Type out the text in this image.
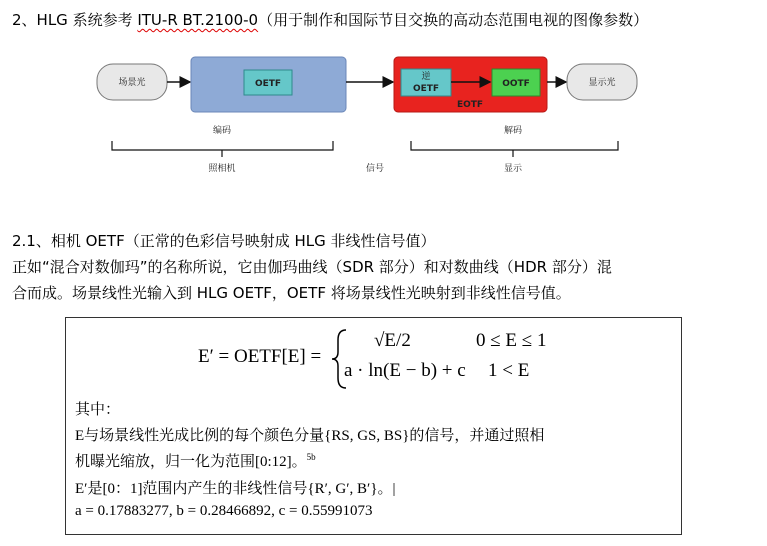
2、HLG 系统参考 ITU-R BT.2100-0（用于制作和国际节目交换的高动态范围电视的图像参数）
场景光	OETF
逆
OETF	OOTF
EOTF
显示光
编码	解码
照相机	信号	显示
2.1、相机 OETF（正常的色彩信号映射成 HLG 非线性信号值）
正如“混合对数伽玛”的名称所说，它由伽玛曲线（SDR 部分）和对数曲线（HDR 部分）混
合而成。场景线性光输入到 HLG OETF，OETF 将场景线性光映射到非线性信号值。
E′ = OETF[E] =
√E/2	0 ≤ E ≤ 1
a · ln(E − b) + c 1 < E
其中：
E与场景线性光成比例的每个颜色分量{RS, GS, BS}的信号，并通过照相
机曝光缩放，归一化为范围[0:12]。$^{5b}$
E′是[0：1]范围内产生的非线性信号{R′, G′, B′}。|
a = 0.17883277, b = 0.28466892, c = 0.55991073
